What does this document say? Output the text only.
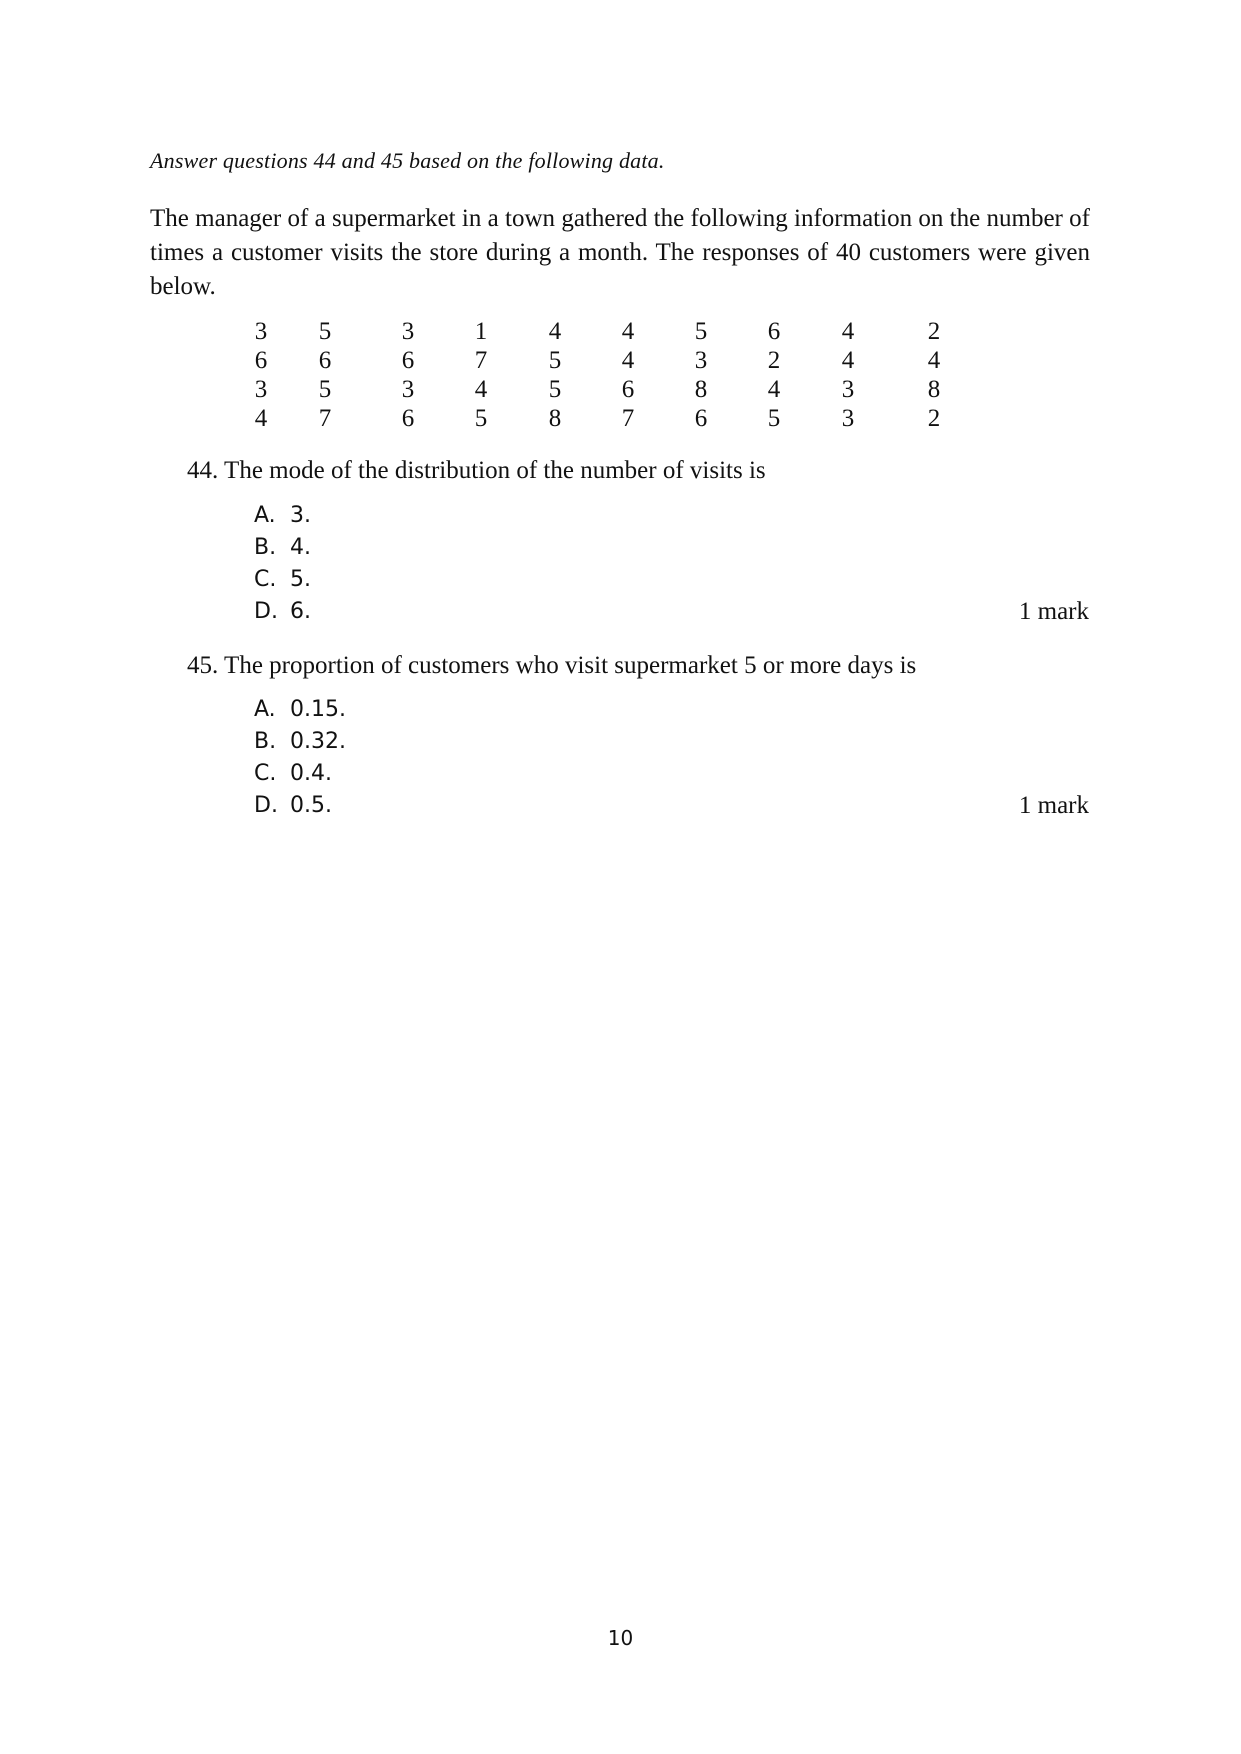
Answer questions 44 and 45 based on the following data.
The manager of a supermarket in a town gathered the following information on the number of times a customer visits the store during a month. The responses of 40 customers were given below.
3	5	3	1	4	4	5	6	4	2
6	6	6	7	5	4	3	2	4	4
3	5	3	4	5	6	8	4	3	8
4	7	6	5	8	7	6	5	3	2
44. The mode of the distribution of the number of visits is
A. 3.
B. 4.
C. 5.
D. 6.	1 mark
45. The proportion of customers who visit supermarket 5 or more days is
A. 0.15.
B. 0.32.
C. 0.4.
D. 0.5.	1 mark
10
